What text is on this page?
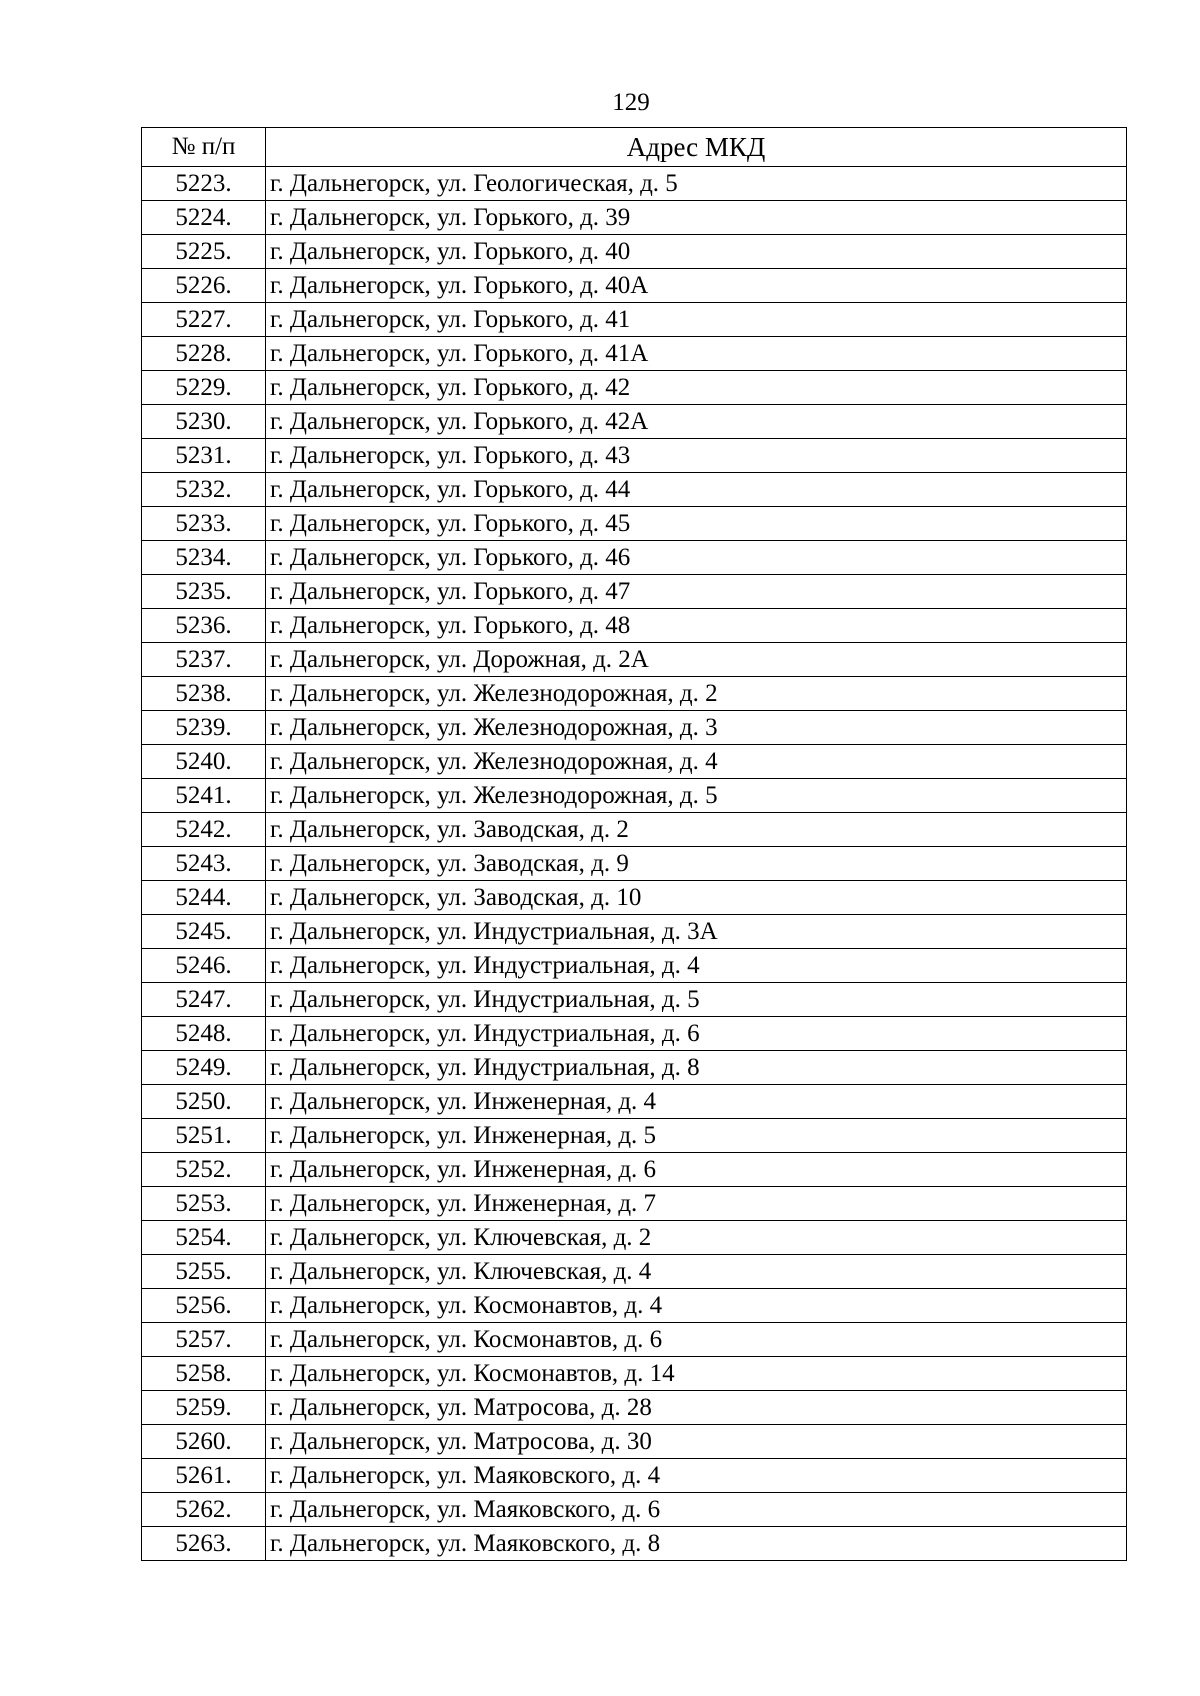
129
№ п/п	Адрес МКД
5223.	г. Дальнегорск, ул. Геологическая, д. 5
5224.	г. Дальнегорск, ул. Горького, д. 39
5225.	г. Дальнегорск, ул. Горького, д. 40
5226.	г. Дальнегорск, ул. Горького, д. 40А
5227.	г. Дальнегорск, ул. Горького, д. 41
5228.	г. Дальнегорск, ул. Горького, д. 41А
5229.	г. Дальнегорск, ул. Горького, д. 42
5230.	г. Дальнегорск, ул. Горького, д. 42А
5231.	г. Дальнегорск, ул. Горького, д. 43
5232.	г. Дальнегорск, ул. Горького, д. 44
5233.	г. Дальнегорск, ул. Горького, д. 45
5234.	г. Дальнегорск, ул. Горького, д. 46
5235.	г. Дальнегорск, ул. Горького, д. 47
5236.	г. Дальнегорск, ул. Горького, д. 48
5237.	г. Дальнегорск, ул. Дорожная, д. 2А
5238.	г. Дальнегорск, ул. Железнодорожная, д. 2
5239.	г. Дальнегорск, ул. Железнодорожная, д. 3
5240.	г. Дальнегорск, ул. Железнодорожная, д. 4
5241.	г. Дальнегорск, ул. Железнодорожная, д. 5
5242.	г. Дальнегорск, ул. Заводская, д. 2
5243.	г. Дальнегорск, ул. Заводская, д. 9
5244.	г. Дальнегорск, ул. Заводская, д. 10
5245.	г. Дальнегорск, ул. Индустриальная, д. 3А
5246.	г. Дальнегорск, ул. Индустриальная, д. 4
5247.	г. Дальнегорск, ул. Индустриальная, д. 5
5248.	г. Дальнегорск, ул. Индустриальная, д. 6
5249.	г. Дальнегорск, ул. Индустриальная, д. 8
5250.	г. Дальнегорск, ул. Инженерная, д. 4
5251.	г. Дальнегорск, ул. Инженерная, д. 5
5252.	г. Дальнегорск, ул. Инженерная, д. 6
5253.	г. Дальнегорск, ул. Инженерная, д. 7
5254.	г. Дальнегорск, ул. Ключевская, д. 2
5255.	г. Дальнегорск, ул. Ключевская, д. 4
5256.	г. Дальнегорск, ул. Космонавтов, д. 4
5257.	г. Дальнегорск, ул. Космонавтов, д. 6
5258.	г. Дальнегорск, ул. Космонавтов, д. 14
5259.	г. Дальнегорск, ул. Матросова, д. 28
5260.	г. Дальнегорск, ул. Матросова, д. 30
5261.	г. Дальнегорск, ул. Маяковского, д. 4
5262.	г. Дальнегорск, ул. Маяковского, д. 6
5263.	г. Дальнегорск, ул. Маяковского, д. 8
